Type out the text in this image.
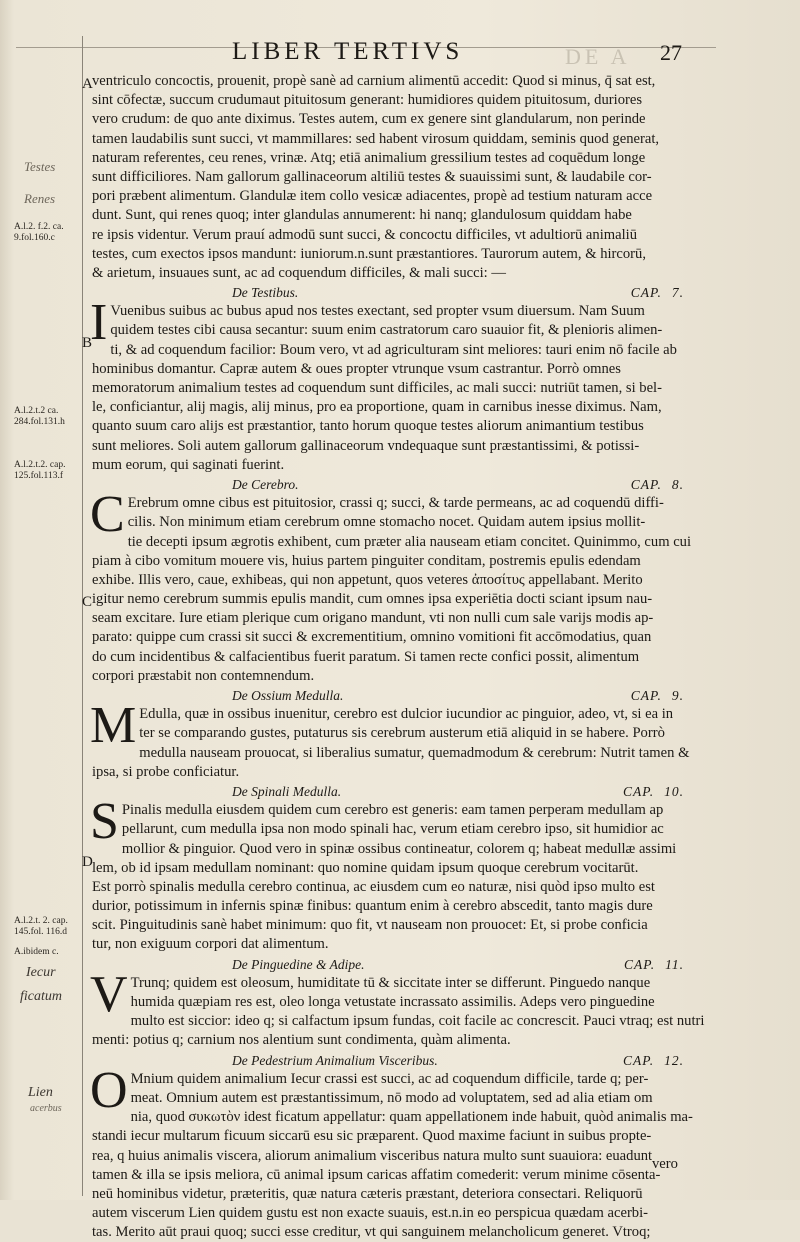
LIBER TERTIVS	DE A 27
A
B
C
D
A.l.2. f.2. ca. 9.fol.160.c
A.l.2.t.2 ca. 284.fol.131.h
A.l.2.t.2. cap. 125.fol.113.f
A.l.2.t. 2. cap. 145.fol. 116.d
A.ibidem c.
Testes
Renes
Iecur
ficatum
Lien
acerbus
ventriculo concoctis, prouenit, propè sanè ad carnium alimentū accedit: Quod si minus, q̄ sat est,
sint cōfectæ, succum crudumaut pituitosum generant: humidiores quidem pituitosum, duriores
vero crudum: de quo ante diximus. Testes autem, cum ex genere sint glandularum, non perinde
tamen laudabilis sunt succi, vt mammillares: sed habent virosum quiddam, seminis quod generat,
naturam referentes, ceu renes, vrinæ. Atq; etiā animalium gressilium testes ad coquēdum longe
sunt difficiliores. Nam gallorum gallinaceorum altiliū testes & suauissimi sunt, & laudabile cor-
pori præbent alimentum. Glandulæ item collo vesicæ adiacentes, propè ad testium naturam acce
dunt. Sunt, qui renes quoq; inter glandulas annumerent: hi nanq; glandulosum quiddam habe
re ipsis videntur. Verum prauí admodū sunt succi, & concoctu difficiles, vt adultiorū animaliū
testes, cum exectos ipsos mandunt: iuniorum.n.sunt præstantiores. Taurorum autem, & hircorū,
& arietum, insuaues sunt, ac ad coquendum difficiles, & mali succi: —
De Testibus.	CAP. 7.
I Vuenibus suibus ac bubus apud nos testes exectant, sed propter vsum diuersum. Nam Suum
quidem testes cibi causa secantur: suum enim castratorum caro suauior fit, & plenioris alimen-
ti, & ad coquendum facilior: Boum vero, vt ad agriculturam sint meliores: tauri enim nō facile ab
hominibus domantur. Capræ autem & oues propter vtrunque vsum castrantur. Porrò omnes
memoratorum animalium testes ad coquendum sunt difficiles, ac mali succi: nutriūt tamen, si bel-
le, conficiantur, alij magis, alij minus, pro ea proportione, quam in carnibus inesse diximus. Nam,
quanto suum caro alijs est præstantior, tanto horum quoque testes aliorum animantium testibus
sunt meliores. Soli autem gallorum gallinaceorum vndequaque sunt præstantissimi, & potissi-
mum eorum, qui saginati fuerint.
De Cerebro.	CAP. 8.
C Erebrum omne cibus est pituitosior, crassi q; succi, & tarde permeans, ac ad coquendū diffi-
cilis. Non minimum etiam cerebrum omne stomacho nocet. Quidam autem ipsius mollit-
tie decepti ipsum ægrotis exhibent, cum præter alia nauseam etiam concitet. Quinimmo, cum cui
piam à cibo vomitum mouere vis, huius partem pinguiter conditam, postremis epulis edendam
exhibe. Illis vero, caue, exhibeas, qui non appetunt, quos veteres ἀποσίτυς appellabant. Merito
igitur nemo cerebrum summis epulis mandit, cum omnes ipsa experiētia docti sciant ipsum nau-
seam excitare. Iure etiam plerique cum origano mandunt, vti non nulli cum sale varijs modis ap-
parato: quippe cum crassi sit succi & excrementitium, omnino vomitioni fit accōmodatius, quan
do cum incidentibus & calfacientibus fuerit paratum. Si tamen recte confici possit, alimentum
corpori præstabit non contemnendum.
De Ossium Medulla.	CAP. 9.
M Edulla, quæ in ossibus inuenitur, cerebro est dulcior iucundior ac pinguior, adeo, vt, si ea in
ter se comparando gustes, putaturus sis cerebrum austerum etiā aliquid in se habere. Porrò
medulla nauseam prouocat, si liberalius sumatur, quemadmodum & cerebrum: Nutrit tamen &
ipsa, si probe conficiatur.
De Spinali Medulla.	CAP. 10.
S Pinalis medulla eiusdem quidem cum cerebro est generis: eam tamen perperam medullam ap
pellarunt, cum medulla ipsa non modo spinali hac, verum etiam cerebro ipso, sit humidior ac
mollior & pinguior. Quod vero in spinæ ossibus contineatur, colorem q; habeat medullæ assimi
lem, ob id ipsam medullam nominant: quo nomine quidam ipsum quoque cerebrum vocitarūt.
Est porrò spinalis medulla cerebro continua, ac eiusdem cum eo naturæ, nisi quòd ipso multo est
durior, potissimum in infernis spinæ finibus: quantum enim à cerebro abscedit, tanto magis dure
scit. Pinguitudinis sanè habet minimum: quo fit, vt nauseam non prouocet: Et, si probe conficia
tur, non exiguum corpori dat alimentum.
De Pinguedine & Adipe.	CAP. 11.
V Trunq; quidem est oleosum, humiditate tū & siccitate inter se differunt. Pinguedo nanque
humida quæpiam res est, oleo longa vetustate incrassato assimilis. Adeps vero pinguedine
multo est siccior: ideo q; si calfactum ipsum fundas, coit facile ac concrescit. Pauci vtraq; est nutri
menti: potius q; carnium nos alentium sunt condimenta, quàm alimenta.
De Pedestrium Animalium Visceribus.	CAP. 12.
O Mnium quidem animalium Iecur crassi est succi, ac ad coquendum difficile, tarde q; per-
meat. Omnium autem est præstantissimum, nō modo ad voluptatem, sed ad alia etiam om
nia, quod συκωτὸν idest ficatum appellatur: quam appellationem inde habuit, quòd animalis ma-
standi iecur multarum ficuum siccarū esu sic præparent. Quod maxime faciunt in suibus propte-
rea, q huius animalis viscera, aliorum animalium visceribus natura multo sunt suauiora: euadunt
tamen & illa se ipsis meliora, cū animal ipsum caricas affatim comederit: verum minime cōsenta-
neū hominibus videtur, præteritis, quæ natura cæteris præstant, deteriora consectari. Reliquorū
autem viscerum Lien quidem gustu est non exacte suauis, est.n.in eo perspicua quædam acerbi-
tas. Merito aūt praui quoq; succi esse creditur, vt qui sanguinem melancholicum generet. Vtroq;
vero
